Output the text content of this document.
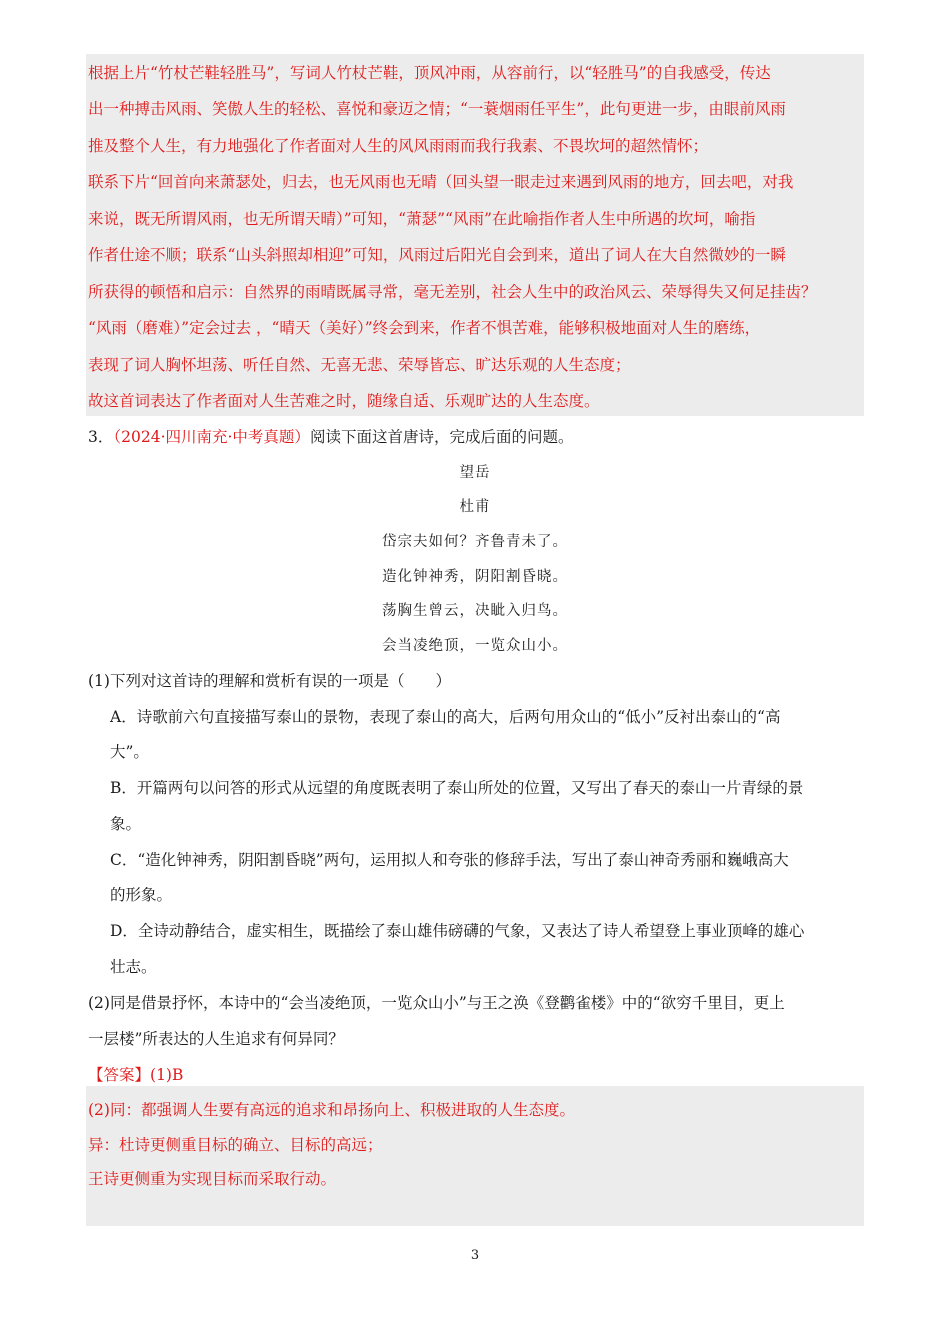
根据上片“竹杖芒鞋轻胜马”，写词人竹杖芒鞋，顶风冲雨，从容前行，以“轻胜马”的自我感受，传达
出一种搏击风雨、笑傲人生的轻松、喜悦和豪迈之情；“一蓑烟雨任平生”，此句更进一步，由眼前风雨
推及整个人生，有力地强化了作者面对人生的风风雨雨而我行我素、不畏坎坷的超然情怀；
联系下片“回首向来萧瑟处，归去，也无风雨也无晴（回头望一眼走过来遇到风雨的地方，回去吧，对我
来说，既无所谓风雨，也无所谓天晴）”可知，“萧瑟”“风雨”在此喻指作者人生中所遇的坎坷，喻指
作者仕途不顺；联系“山头斜照却相迎”可知，风雨过后阳光自会到来，道出了词人在大自然微妙的一瞬
所获得的顿悟和启示：自然界的雨晴既属寻常，毫无差别，社会人生中的政治风云、荣辱得失又何足挂齿？
“风雨（磨难）”定会过去 ，“晴天（美好）”终会到来，作者不惧苦难，能够积极地面对人生的磨练，
表现了词人胸怀坦荡、听任自然、无喜无悲、荣辱皆忘、旷达乐观的人生态度；
故这首词表达了作者面对人生苦难之时，随缘自适、乐观旷达的人生态度。
3．（2024·四川南充·中考真题）阅读下面这首唐诗，完成后面的问题。
望岳
杜甫
岱宗夫如何？齐鲁青未了。
造化钟神秀，阴阳割昏晓。
荡胸生曾云，决眦入归鸟。
会当凌绝顶，一览众山小。
(1)下列对这首诗的理解和赏析有误的一项是（　　）
A．诗歌前六句直接描写泰山的景物，表现了泰山的高大，后两句用众山的“低小”反衬出泰山的“高
大”。
B．开篇两句以问答的形式从远望的角度既表明了泰山所处的位置，又写出了春天的泰山一片青绿的景
象。
C．“造化钟神秀，阴阳割昏晓”两句，运用拟人和夸张的修辞手法，写出了泰山神奇秀丽和巍峨高大
的形象。
D．全诗动静结合，虚实相生，既描绘了泰山雄伟磅礴的气象，又表达了诗人希望登上事业顶峰的雄心
壮志。
(2)同是借景抒怀，本诗中的“会当凌绝顶，一览众山小”与王之涣《登鹳雀楼》中的“欲穷千里目，更上
一层楼”所表达的人生追求有何异同？
【答案】(1)B
(2)同：都强调人生要有高远的追求和昂扬向上、积极进取的人生态度。
异：杜诗更侧重目标的确立、目标的高远；
王诗更侧重为实现目标而采取行动。
3
